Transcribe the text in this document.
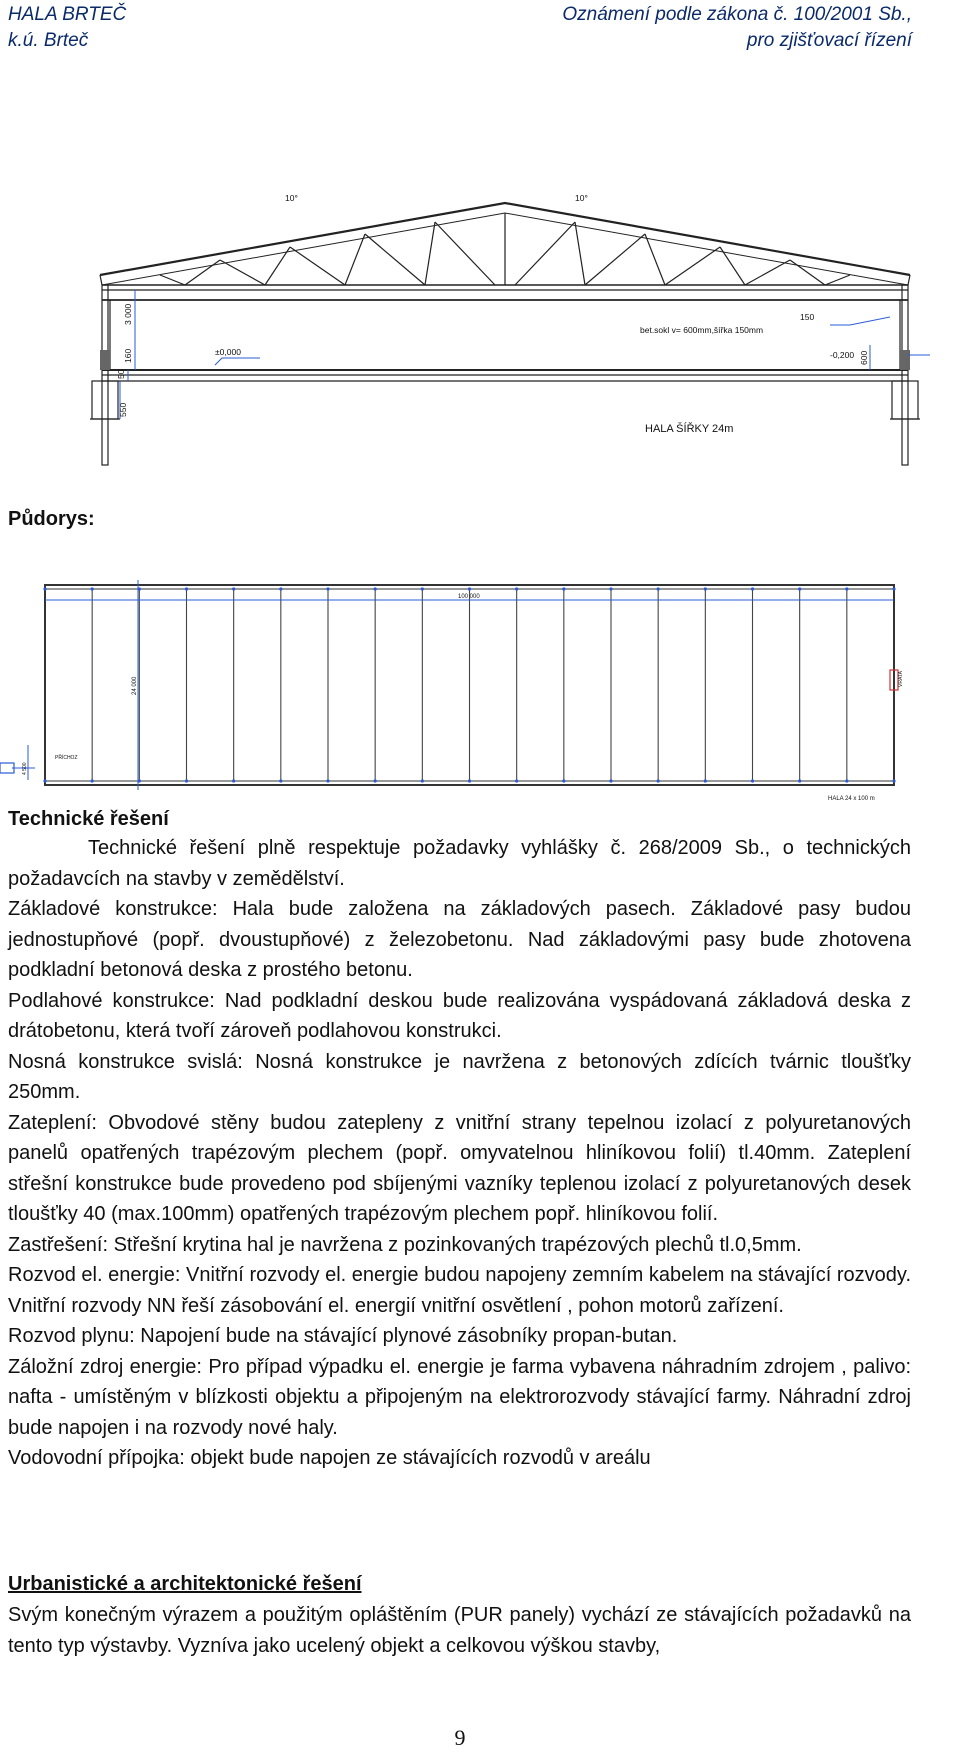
HALA BRTEČ
k.ú. Brteč
Oznámení podle zákona č. 100/2001 Sb.,
pro zjišťovací řízení
10°	10°
3 000
160
50
550
±0,000	-0,200
150
600
bet.sokl v= 600mm,šířka 150mm
HALA ŠÍŘKY 24m
Půdorys:
100 000
24 000	VRATA
PŘÍCHOZ
4 500
HALA 24 x 100 m
Technické řešení

Technické řešení plně respektuje požadavky vyhlášky č. 268/2009 Sb., o technických požadavcích na stavby v zemědělství.

Základové konstrukce: Hala bude založena na základových pasech. Základové pasy budou jednostupňové (popř. dvoustupňové) z železobetonu. Nad základovými pasy bude zhotovena podkladní betonová deska z prostého betonu.

Podlahové konstrukce: Nad podkladní deskou bude realizována vyspádovaná základová deska z drátobetonu, která tvoří zároveň podlahovou konstrukci.

Nosná konstrukce svislá: Nosná konstrukce je navržena z betonových zdících tvárnic tloušťky 250mm.

Zateplení: Obvodové stěny budou zatepleny z vnitřní strany tepelnou izolací z polyuretanových panelů opatřených trapézovým plechem (popř. omyvatelnou hliníkovou folií) tl.40mm. Zateplení střešní konstrukce bude provedeno pod sbíjenými vazníky teplenou izolací z polyuretanových desek tloušťky 40 (max.100mm) opatřených trapézovým plechem popř. hliníkovou folií.

Zastřešení: Střešní krytina hal je navržena z pozinkovaných trapézových plechů tl.0,5mm.

Rozvod el. energie: Vnitřní rozvody el. energie budou napojeny zemním kabelem na stávající rozvody. Vnitřní rozvody NN řeší zásobování el. energií vnitřní osvětlení , pohon motorů zařízení.

Rozvod plynu: Napojení bude na stávající plynové zásobníky propan-butan.

Záložní zdroj energie: Pro případ výpadku el. energie je farma vybavena náhradním zdrojem , palivo: nafta - umístěným v blízkosti objektu a připojeným na elektrorozvody stávající farmy. Náhradní zdroj bude napojen i na rozvody nové haly.

Vodovodní přípojka: objekt bude napojen ze stávajících rozvodů v areálu

Urbanistické a architektonické řešení

Svým konečným výrazem a použitým opláštěním (PUR panely) vychází ze stávajících požadavků na tento typ výstavby. Vyzníva jako ucelený objekt a celkovou výškou stavby,

9
